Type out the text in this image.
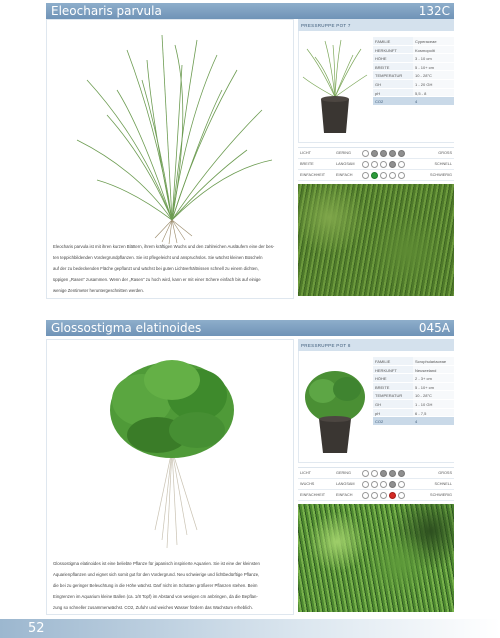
Eleocharis parvula	132C
Eleocharis parvula ist mit ihren kurzen Blättern, ihrem kräftigen Wuchs und den zahlreichen Ausläufern eine der bes-
ten teppichbildenden Vordergrundpflanzen. Sie ist pflegeleicht und anspruchslos. Sie wächst kleinen Büscheln
auf der zu bedeckenden Fläche gepflanzt und wächst bei guten Lichtverhältnissen schnell zu einem dichten,
üppigen „Rasen" zusammen. Wenn der „Rasen" zu hoch wird, kann er mit einer Schere einfach bis auf einige
wenige Zentimeter heruntergeschnitten werden.
PRESSRUPPE POT 7
FAMILIE	Cyperaceae
HERKUNFT	Kosmopolit
HÖHE	3 - 10 cm
BREITE	5 - 10+ cm
TEMPERATUR	10 - 28°C
GH	1 - 20 GH
pH	5,5 - 8
CO2	4
LICHT	GERING	GROSS
BREITE	LANGSAM	SCHNELL
EINFACHHEIT	EINFACH	SCHWIERIG
Glossostigma elatinoides	045A
Glossostigma elatinoides ist eine beliebte Pflanze für japanisch inspirierte Aquarien. Sie ist eine der kleinsten
Aquarienpflanzen und eignet sich somit gut für den Vordergrund. Neu schwierige und lichtbedürftige Pflanze,
die bei zu geringer Beleuchtung in die Höhe wächst. Darf nicht im Schatten größerer Pflanzen stehen. Beim
Eingrenzen im Aquarium kleine Ballen (ca. 1/8 Topf) im Abstand von wenigen cm anbringen, da die Bepflan-
zung so schneller zusammenwächst. CO2, Zufuhr und weiches Wasser fördern das Wachstum erheblich.
PRESSRUPPE POT 8
FAMILIE	Scrophulariaceae
HERKUNFT	Neuseeland
HÖHE	2 - 3+ cm
BREITE	5 - 10+ cm
TEMPERATUR	10 - 28°C
GH	1 - 10 GH
pH	6 - 7,5
CO2	4
LICHT	GERING	GROSS
WUCHS	LANGSAM	SCHNELL
EINFACHHEIT	EINFACH	SCHWIERIG
52
